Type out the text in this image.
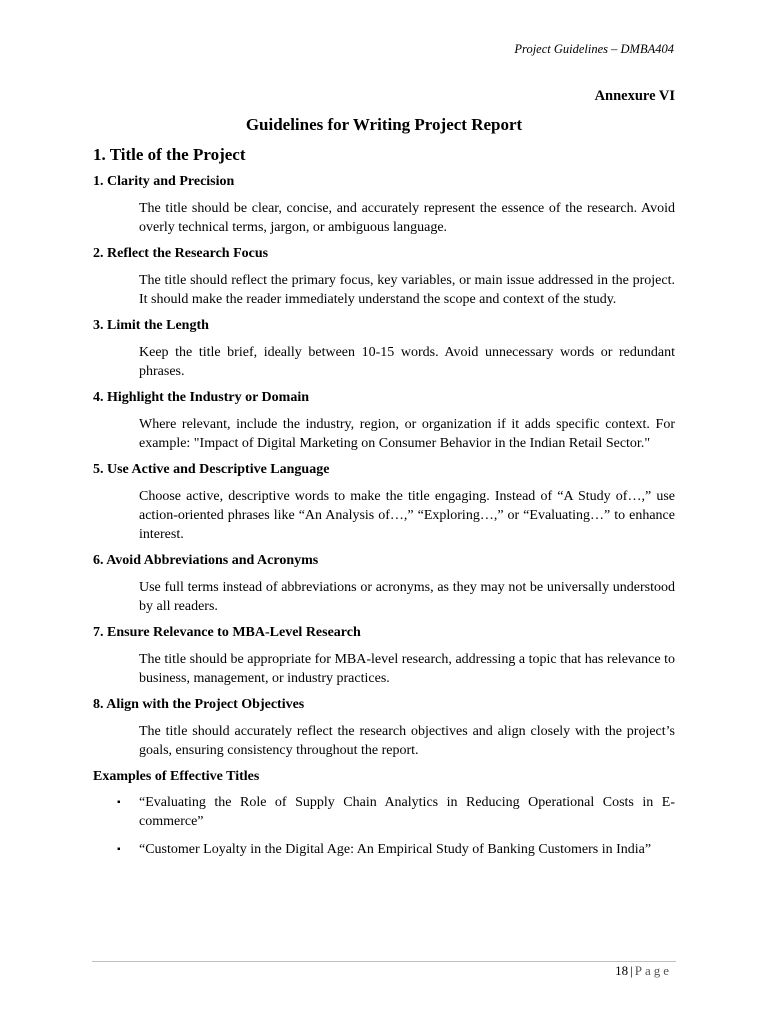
Project Guidelines – DMBA404
Annexure VI
Guidelines for Writing Project Report
1. Title of the Project
1. Clarity and Precision
The title should be clear, concise, and accurately represent the essence of the research. Avoid overly technical terms, jargon, or ambiguous language.
2. Reflect the Research Focus
The title should reflect the primary focus, key variables, or main issue addressed in the project. It should make the reader immediately understand the scope and context of the study.
3. Limit the Length
Keep the title brief, ideally between 10-15 words. Avoid unnecessary words or redundant phrases.
4. Highlight the Industry or Domain
Where relevant, include the industry, region, or organization if it adds specific context. For example: "Impact of Digital Marketing on Consumer Behavior in the Indian Retail Sector."
5. Use Active and Descriptive Language
Choose active, descriptive words to make the title engaging. Instead of “A Study of…,” use action-oriented phrases like “An Analysis of…,” “Exploring…,” or “Evaluating…” to enhance interest.
6. Avoid Abbreviations and Acronyms
Use full terms instead of abbreviations or acronyms, as they may not be universally understood by all readers.
7. Ensure Relevance to MBA-Level Research
The title should be appropriate for MBA-level research, addressing a topic that has relevance to business, management, or industry practices.
8. Align with the Project Objectives
The title should accurately reflect the research objectives and align closely with the project’s goals, ensuring consistency throughout the report.
Examples of Effective Titles
▪ “Evaluating the Role of Supply Chain Analytics in Reducing Operational Costs in E-commerce”
▪ “Customer Loyalty in the Digital Age: An Empirical Study of Banking Customers in India”
18 | Page
